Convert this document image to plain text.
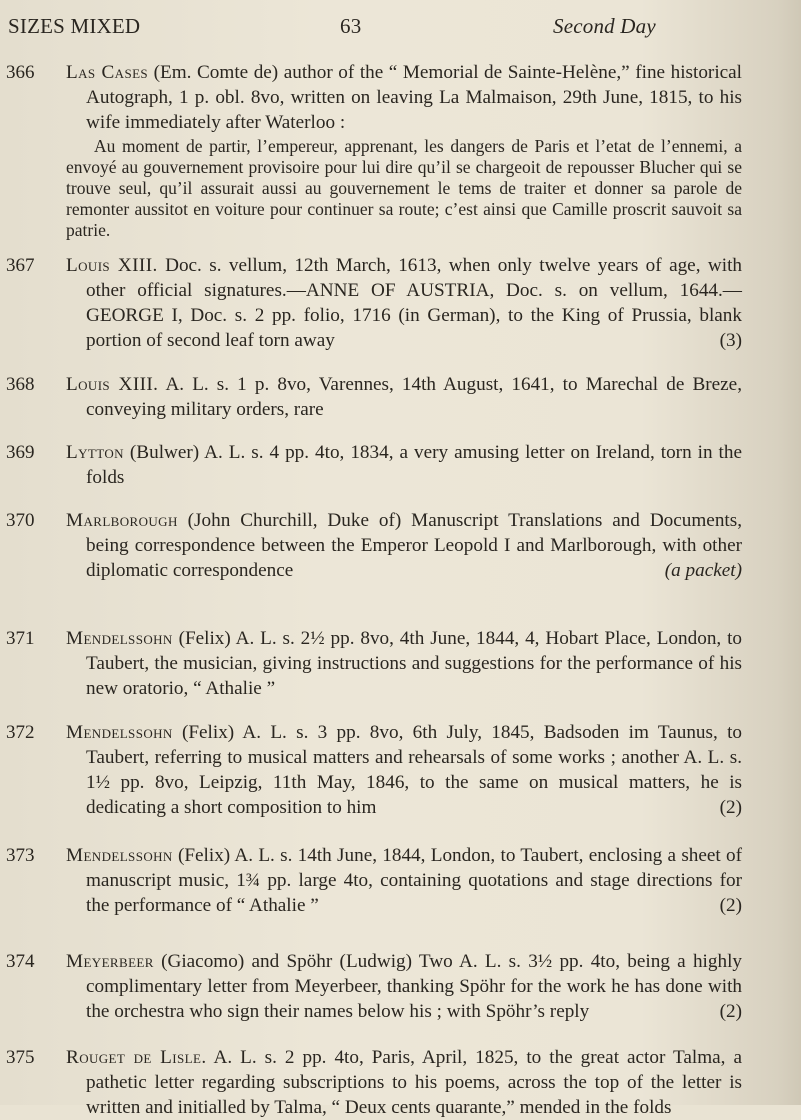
SIZES MIXED	63	Second Day
366	Las Cases (Em. Comte de) author of the “ Memorial de Sainte-Helène,” fine historical Autograph, 1 p. obl. 8vo, written on leaving La Malmaison, 29th June, 1815, to his wife immediately after Waterloo :
Au moment de partir, l’empereur, apprenant, les dangers de Paris et l’etat de l’ennemi, a envoyé au gouvernement provisoire pour lui dire qu’il se chargeoit de repousser Blucher qui se trouve seul, qu’il assurait aussi au gouvernement le tems de traiter et donner sa parole de remonter aussitot en voiture pour continuer sa route; c’est ainsi que Camille proscrit sauvoit sa patrie.
367	Louis XIII. Doc. s. vellum, 12th March, 1613, when only twelve years of age, with other official signatures.—ANNE OF AUSTRIA, Doc. s. on vellum, 1644.—GEORGE I, Doc. s. 2 pp. folio, 1716 (in German), to the King of Prussia, blank portion of second leaf torn away	(3)
368	Louis XIII. A. L. s. 1 p. 8vo, Varennes, 14th August, 1641, to Marechal de Breze, conveying military orders, rare
369	Lytton (Bulwer) A. L. s. 4 pp. 4to, 1834, a very amusing letter on Ireland, torn in the folds
370	Marlborough (John Churchill, Duke of) Manuscript Translations and Documents, being correspondence between the Emperor Leopold I and Marlborough, with other diplomatic correspondence	(a packet)
371	Mendelssohn (Felix) A. L. s. 2½ pp. 8vo, 4th June, 1844, 4, Hobart Place, London, to Taubert, the musician, giving instructions and suggestions for the performance of his new oratorio, “ Athalie ”
372	Mendelssohn (Felix) A. L. s. 3 pp. 8vo, 6th July, 1845, Badsoden im Taunus, to Taubert, referring to musical matters and rehearsals of some works ; another A. L. s. 1½ pp. 8vo, Leipzig, 11th May, 1846, to the same on musical matters, he is dedicating a short composition to him	(2)
373	Mendelssohn (Felix) A. L. s. 14th June, 1844, London, to Taubert, enclosing a sheet of manuscript music, 1¾ pp. large 4to, containing quotations and stage directions for the performance of “ Athalie ”	(2)
374	Meyerbeer (Giacomo) and Spöhr (Ludwig) Two A. L. s. 3½ pp. 4to, being a highly complimentary letter from Meyerbeer, thanking Spöhr for the work he has done with the orchestra who sign their names below his ; with Spöhr’s reply	(2)
375	Rouget de Lisle. A. L. s. 2 pp. 4to, Paris, April, 1825, to the great actor Talma, a pathetic letter regarding subscriptions to his poems, across the top of the letter is written and initialled by Talma, “ Deux cents quarante,” mended in the folds
